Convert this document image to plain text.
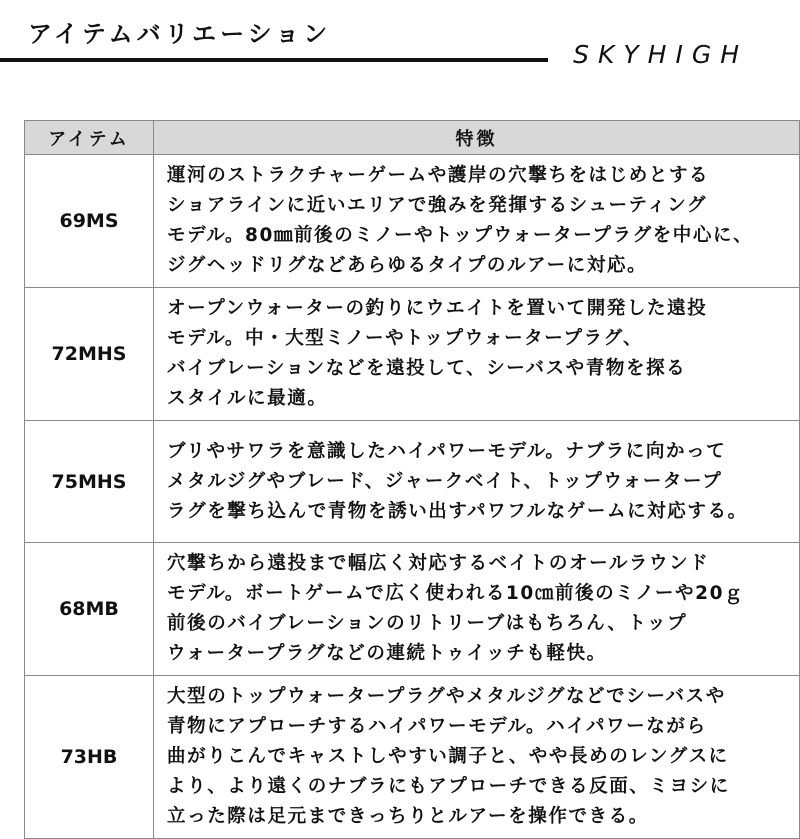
アイテムバリエーション
SKYHIGH
アイテム	特徴
69MS	運河のストラクチャーゲームや護岸の穴撃ちをはじめとする
ショアラインに近いエリアで強みを発揮するシューティング
モデル。80㎜前後のミノーやトップウォータープラグを中心に、
ジグヘッドリグなどあらゆるタイプのルアーに対応。
72MHS	オープンウォーターの釣りにウエイトを置いて開発した遠投
モデル。中・大型ミノーやトップウォータープラグ、
バイブレーションなどを遠投して、シーバスや青物を探る
スタイルに最適。
75MHS	ブリやサワラを意識したハイパワーモデル。ナブラに向かって
メタルジグやブレード、ジャークベイト、トップウォータープ
ラグを撃ち込んで青物を誘い出すパワフルなゲームに対応する。
68MB	穴撃ちから遠投まで幅広く対応するベイトのオールラウンド
モデル。ボートゲームで広く使われる10㎝前後のミノーや20ｇ
前後のバイブレーションのリトリーブはもちろん、トップ
ウォータープラグなどの連続トゥイッチも軽快。
73HB	大型のトップウォータープラグやメタルジグなどでシーバスや
青物にアプローチするハイパワーモデル。ハイパワーながら
曲がりこんでキャストしやすい調子と、やや長めのレングスに
より、より遠くのナブラにもアプローチできる反面、ミヨシに
立った際は足元まできっちりとルアーを操作できる。
